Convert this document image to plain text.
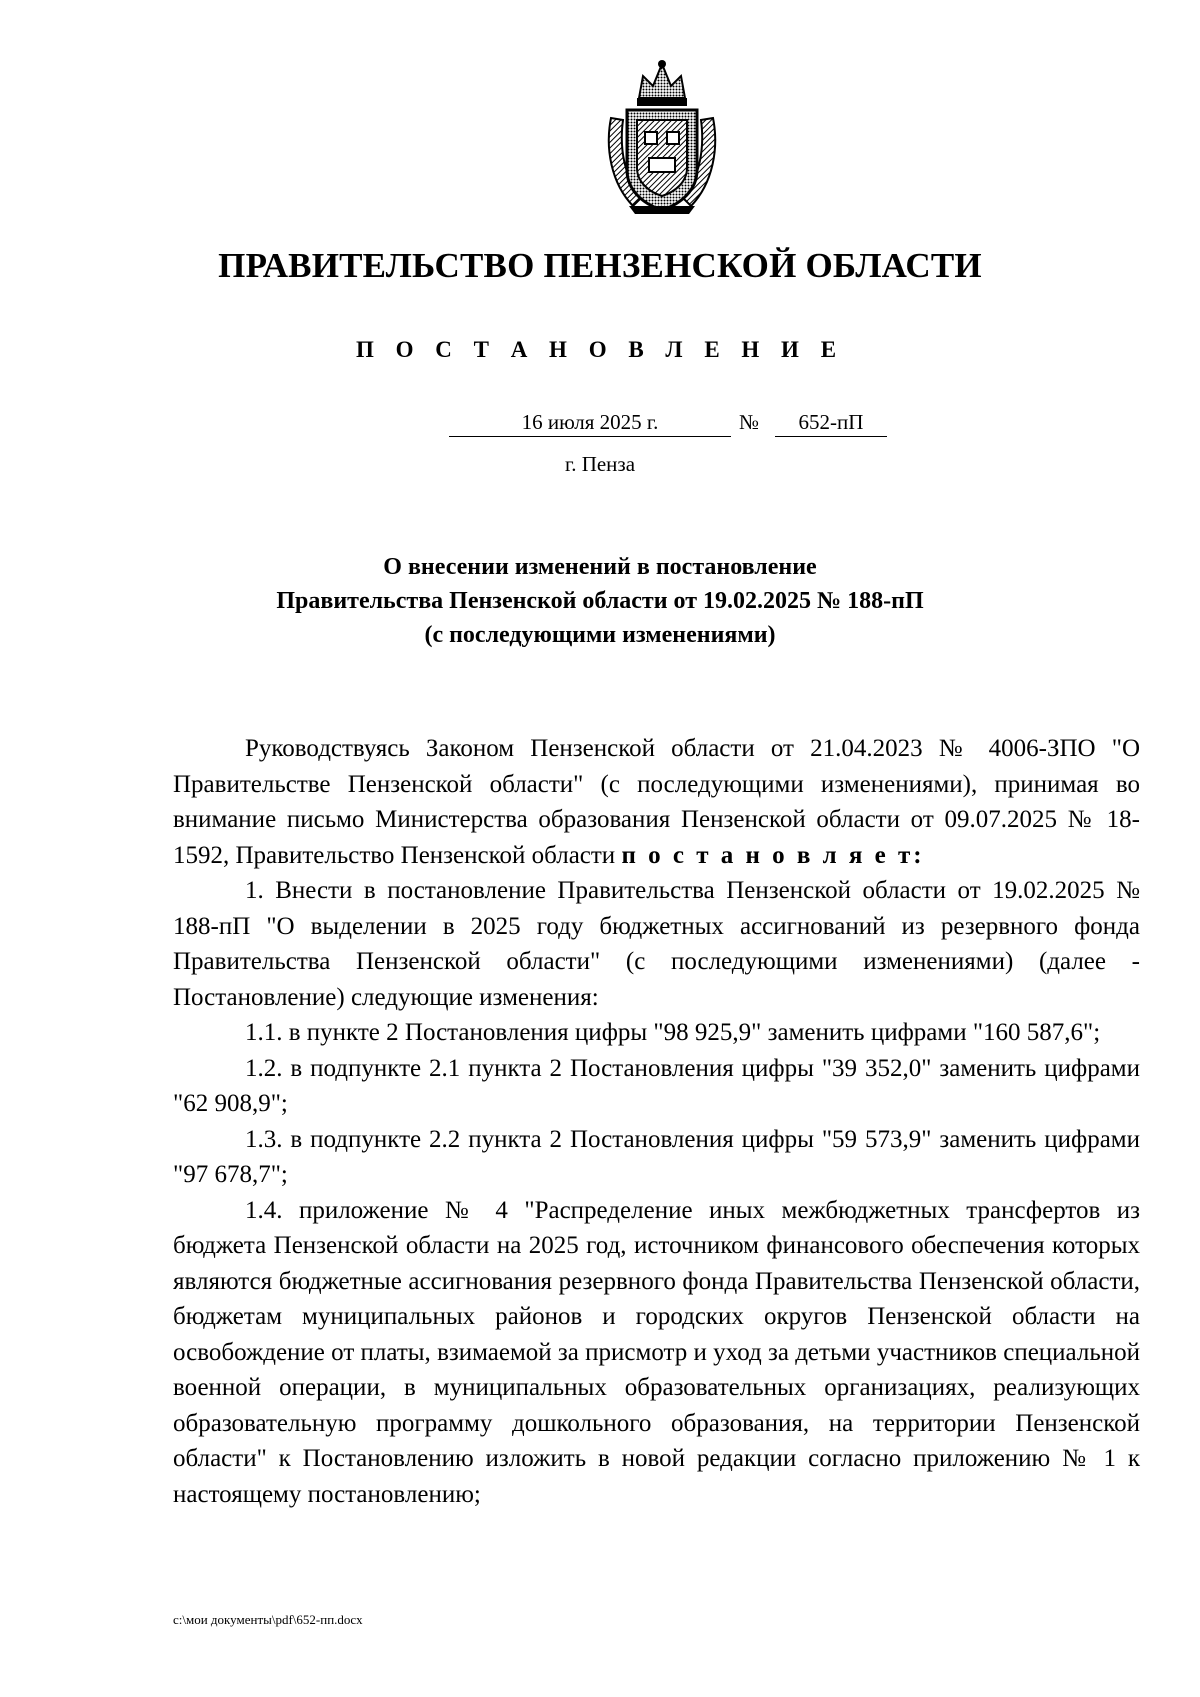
ПРАВИТЕЛЬСТВО ПЕНЗЕНСКОЙ ОБЛАСТИ
П О С Т А Н О В Л Е Н И Е
16 июля 2025 г.	№	652-пП
г. Пенза
О внесении изменений в постановление
Правительства Пензенской области от 19.02.2025 № 188-пП
(с последующими изменениями)

Руководствуясь Законом Пензенской области от 21.04.2023 № 4006-ЗПО "О Правительстве Пензенской области" (с последующими изменениями), принимая во внимание письмо Министерства образования Пензенской области от 09.07.2025 № 18-1592, Правительство Пензенской области п о с т а н о в л я е т:

1. Внести в постановление Правительства Пензенской области от 19.02.2025 № 188-пП "О выделении в 2025 году бюджетных ассигнований из резервного фонда Правительства Пензенской области" (с последующими изменениями) (далее - Постановление) следующие изменения:

1.1. в пункте 2 Постановления цифры "98 925,9" заменить цифрами "160 587,6";

1.2. в подпункте 2.1 пункта 2 Постановления цифры "39 352,0" заменить цифрами "62 908,9";

1.3. в подпункте 2.2 пункта 2 Постановления цифры "59 573,9" заменить цифрами "97 678,7";

1.4. приложение № 4 "Распределение иных межбюджетных трансфертов из бюджета Пензенской области на 2025 год, источником финансового обеспечения которых являются бюджетные ассигнования резервного фонда Правительства Пензенской области, бюджетам муниципальных районов и городских округов Пензенской области на освобождение от платы, взимаемой за присмотр и уход за детьми участников специальной военной операции, в муниципальных образовательных организациях, реализующих образовательную программу дошкольного образования, на территории Пензенской области" к Постановлению изложить в новой редакции согласно приложению № 1 к настоящему постановлению;

c:\мои документы\pdf\652-пп.docx
